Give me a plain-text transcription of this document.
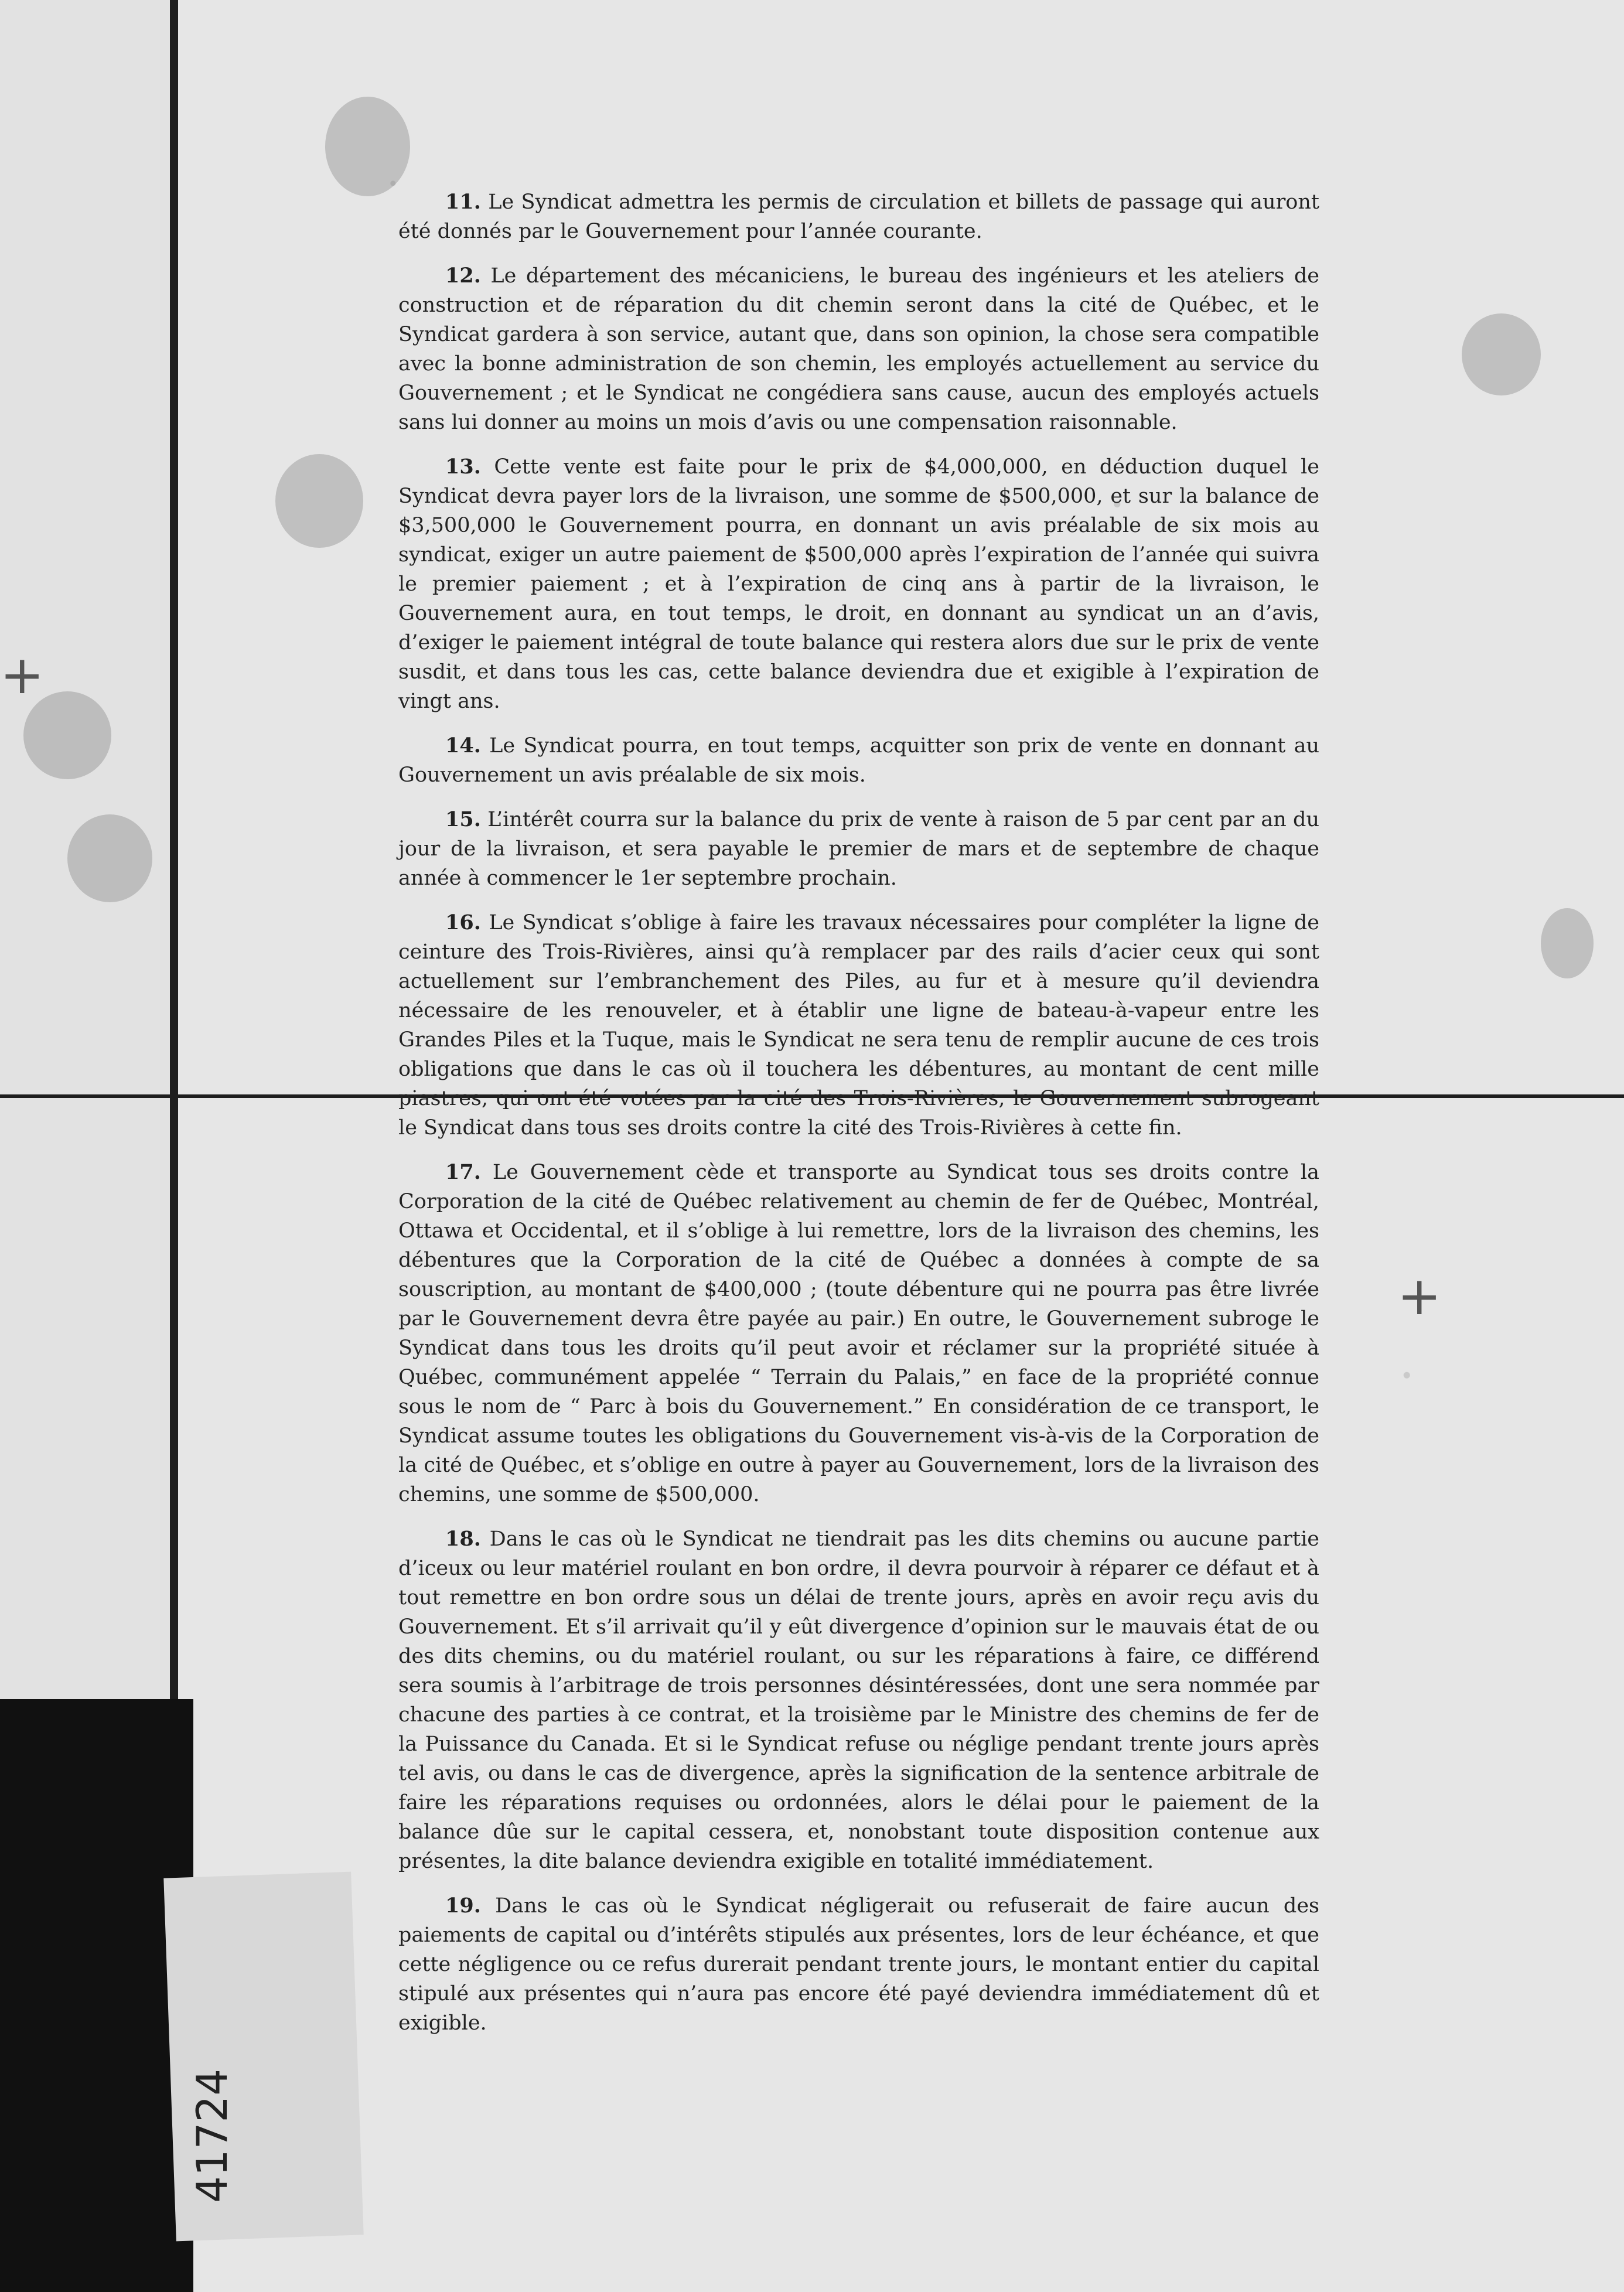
41724
+
+

11. Le Syndicat admettra les permis de circulation et billets de passage qui auront été donnés par le Gouvernement pour l’année courante.

12. Le département des mécaniciens, le bureau des ingénieurs et les ateliers de construction et de réparation du dit chemin seront dans la cité de Québec, et le Syndicat gardera à son service, autant que, dans son opinion, la chose sera compatible avec la bonne administration de son chemin, les employés actuellement au service du Gouvernement ; et le Syndicat ne congédiera sans cause, aucun des employés actuels sans lui donner au moins un mois d’avis ou une compensation raisonnable.

13. Cette vente est faite pour le prix de $4,000,000, en déduction duquel le Syndicat devra payer lors de la livraison, une somme de $500,000, et sur la balance de $3,500,000 le Gouvernement pourra, en donnant un avis préalable de six mois au syndicat, exiger un autre paiement de $500,000 après l’expiration de l’année qui suivra le premier paiement ; et à l’expiration de cinq ans à partir de la livraison, le Gouvernement aura, en tout temps, le droit, en donnant au syndicat un an d’avis, d’exiger le paiement intégral de toute balance qui restera alors due sur le prix de vente susdit, et dans tous les cas, cette balance deviendra due et exigible à l’expiration de vingt ans.

14. Le Syndicat pourra, en tout temps, acquitter son prix de vente en donnant au Gouvernement un avis préalable de six mois.

15. L’intérêt courra sur la balance du prix de vente à raison de 5 par cent par an du jour de la livraison, et sera payable le premier de mars et de septembre de chaque année à commencer le 1er septembre prochain.

16. Le Syndicat s’oblige à faire les travaux nécessaires pour compléter la ligne de ceinture des Trois-Rivières, ainsi qu’à remplacer par des rails d’acier ceux qui sont actuellement sur l’embranchement des Piles, au fur et à mesure qu’il deviendra nécessaire de les renouveler, et à établir une ligne de bateau-à-vapeur entre les Grandes Piles et la Tuque, mais le Syndicat ne sera tenu de remplir aucune de ces trois obligations que dans le cas où il touchera les débentures, au montant de cent mille piastres, qui ont été votées par la cité des Trois-Rivières, le Gouvernement subrogeant le Syndicat dans tous ses droits contre la cité des Trois-Rivières à cette fin.

17. Le Gouvernement cède et transporte au Syndicat tous ses droits contre la Corporation de la cité de Québec relativement au chemin de fer de Québec, Montréal, Ottawa et Occidental, et il s’oblige à lui remettre, lors de la livraison des chemins, les débentures que la Corporation de la cité de Québec a données à compte de sa souscription, au montant de $400,000 ; (toute débenture qui ne pourra pas être livrée par le Gouvernement devra être payée au pair.) En outre, le Gouvernement subroge le Syndicat dans tous les droits qu’il peut avoir et réclamer sur la propriété située à Québec, communément appelée “ Terrain du Palais,” en face de la propriété connue sous le nom de “ Parc à bois du Gouvernement.” En considération de ce transport, le Syndicat assume toutes les obligations du Gouvernement vis-à-vis de la Corporation de la cité de Québec, et s’oblige en outre à payer au Gouvernement, lors de la livraison des chemins, une somme de $500,000.

18. Dans le cas où le Syndicat ne tiendrait pas les dits chemins ou aucune partie d’iceux ou leur matériel roulant en bon ordre, il devra pourvoir à réparer ce défaut et à tout remettre en bon ordre sous un délai de trente jours, après en avoir reçu avis du Gouvernement. Et s’il arrivait qu’il y eût divergence d’opinion sur le mauvais état de ou des dits chemins, ou du matériel roulant, ou sur les réparations à faire, ce différend sera soumis à l’arbitrage de trois personnes désintéressées, dont une sera nommée par chacune des parties à ce contrat, et la troisième par le Ministre des chemins de fer de la Puissance du Canada. Et si le Syndicat refuse ou néglige pendant trente jours après tel avis, ou dans le cas de divergence, après la signification de la sentence arbitrale de faire les réparations requises ou ordonnées, alors le délai pour le paiement de la balance dûe sur le capital cessera, et, nonobstant toute disposition contenue aux présentes, la dite balance deviendra exigible en totalité immédiatement.

19. Dans le cas où le Syndicat négligerait ou refuserait de faire aucun des paiements de capital ou d’intérêts stipulés aux présentes, lors de leur échéance, et que cette négligence ou ce refus durerait pendant trente jours, le montant entier du capital stipulé aux présentes qui n’aura pas encore été payé deviendra immédiatement dû et exigible.
